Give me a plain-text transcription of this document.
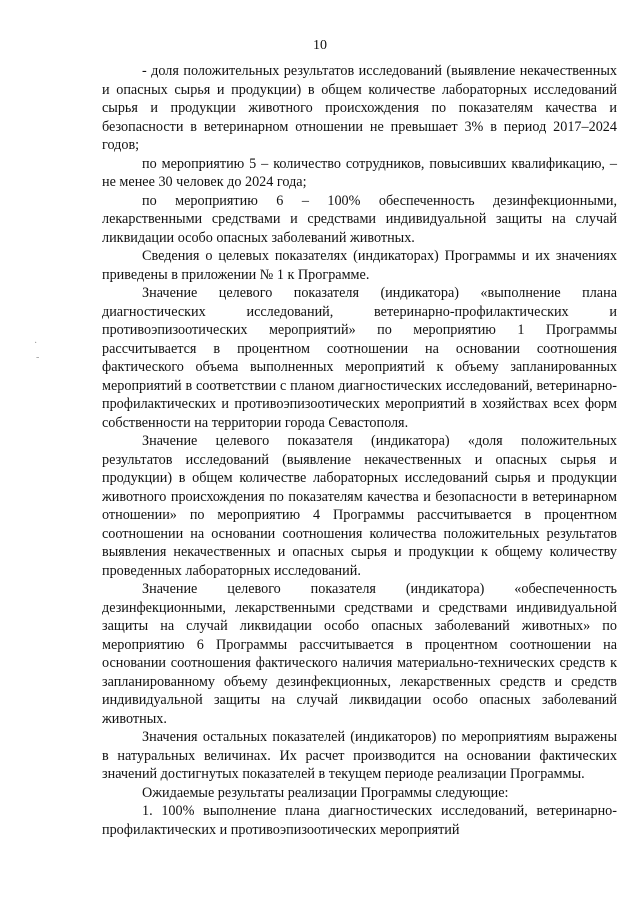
10
·
-

- доля положительных результатов исследований (выявление некачественных и опасных сырья и продукции) в общем количестве лабораторных исследований сырья и продукции животного происхождения по показателям качества и безопасности в ветеринарном отношении не превышает 3% в период 2017–2024 годов;

по мероприятию 5 – количество сотрудников, повысивших квалификацию, – не менее 30 человек до 2024 года;

по мероприятию 6 – 100% обеспеченность дезинфекционными, лекарственными средствами и средствами индивидуальной защиты на случай ликвидации особо опасных заболеваний животных.

Сведения о целевых показателях (индикаторах) Программы и их значениях приведены в приложении № 1 к Программе.

Значение целевого показателя (индикатора) «выполнение плана диагностических исследований, ветеринарно-профилактических и противоэпизоотических мероприятий» по мероприятию 1 Программы рассчитывается в процентном соотношении на основании соотношения фактического объема выполненных мероприятий к объему запланированных мероприятий в соответствии с планом диагностических исследований, ветеринарно-профилактических и противоэпизоотических мероприятий в хозяйствах всех форм собственности на территории города Севастополя.

Значение целевого показателя (индикатора) «доля положительных результатов исследований (выявление некачественных и опасных сырья и продукции) в общем количестве лабораторных исследований сырья и продукции животного происхождения по показателям качества и безопасности в ветеринарном отношении» по мероприятию 4 Программы рассчитывается в процентном соотношении на основании соотношения количества положительных результатов выявления некачественных и опасных сырья и продукции к общему количеству проведенных лабораторных исследований.

Значение целевого показателя (индикатора) «обеспеченность дезинфекционными, лекарственными средствами и средствами индивидуальной защиты на случай ликвидации особо опасных заболеваний животных» по мероприятию 6 Программы рассчитывается в процентном соотношении на основании соотношения фактического наличия материально-технических средств к запланированному объему дезинфекционных, лекарственных средств и средств индивидуальной защиты на случай ликвидации особо опасных заболеваний животных.

Значения остальных показателей (индикаторов) по мероприятиям выражены в натуральных величинах. Их расчет производится на основании фактических значений достигнутых показателей в текущем периоде реализации Программы.

Ожидаемые результаты реализации Программы следующие:

1. 100% выполнение плана диагностических исследований, ветеринарно-профилактических и противоэпизоотических мероприятий
